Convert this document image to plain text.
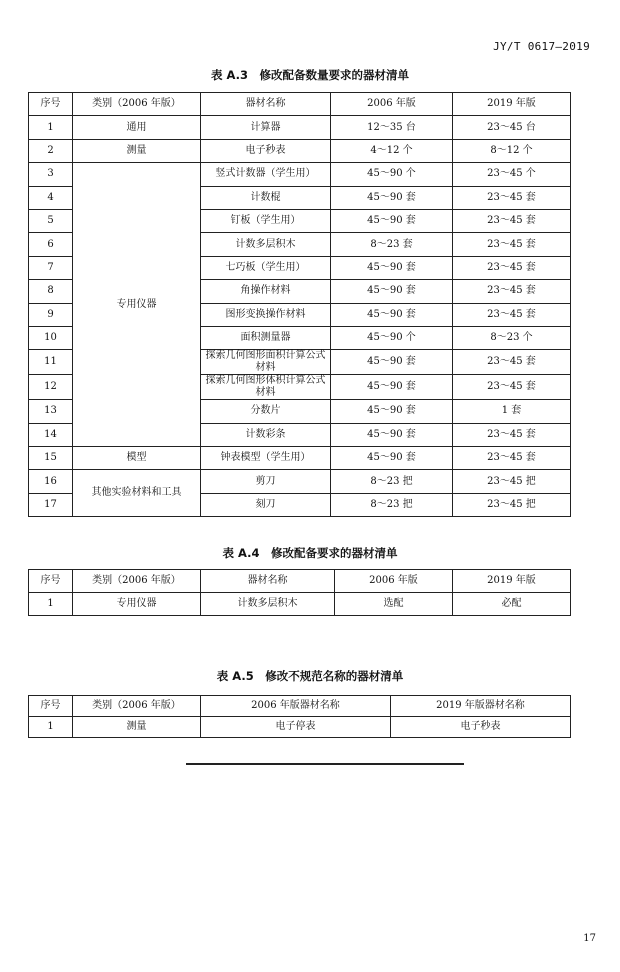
JY/T 0617—2019
表 A.3　修改配备数量要求的器材清单
序号	类别（2006 年版）	器材名称	2006 年版	2019 年版
1	通用	计算器	12～35 台	23～45 台
2	测量	电子秒表	4～12 个	8～12 个
3	专用仪器	竖式计数器（学生用）	45～90 个	23～45 个
4		计数棍	45～90 套	23～45 套
5		钉板（学生用）	45～90 套	23～45 套
6		计数多层积木	8～23 套	23～45 套
7		七巧板（学生用）	45～90 套	23～45 套
8		角操作材料	45～90 套	23～45 套
9		图形变换操作材料	45～90 套	23～45 套
10		面积测量器	45～90 个	8～23 个
11		探索几何图形面积计算公式材料	45～90 套	23～45 套
12		探索几何图形体积计算公式材料	45～90 套	23～45 套
13		分数片	45～90 套	1 套
14		计数彩条	45～90 套	23～45 套
15	模型	钟表模型（学生用）	45～90 套	23～45 套
16	其他实验材料和工具	剪刀	8～23 把	23～45 把
17		刻刀	8～23 把	23～45 把
表 A.4　修改配备要求的器材清单
序号	类别（2006 年版）	器材名称	2006 年版	2019 年版
1	专用仪器	计数多层积木	选配	必配
表 A.5　修改不规范名称的器材清单
序号	类别（2006 年版）	2006 年版器材名称	2019 年版器材名称
1	测量	电子停表	电子秒表
17
